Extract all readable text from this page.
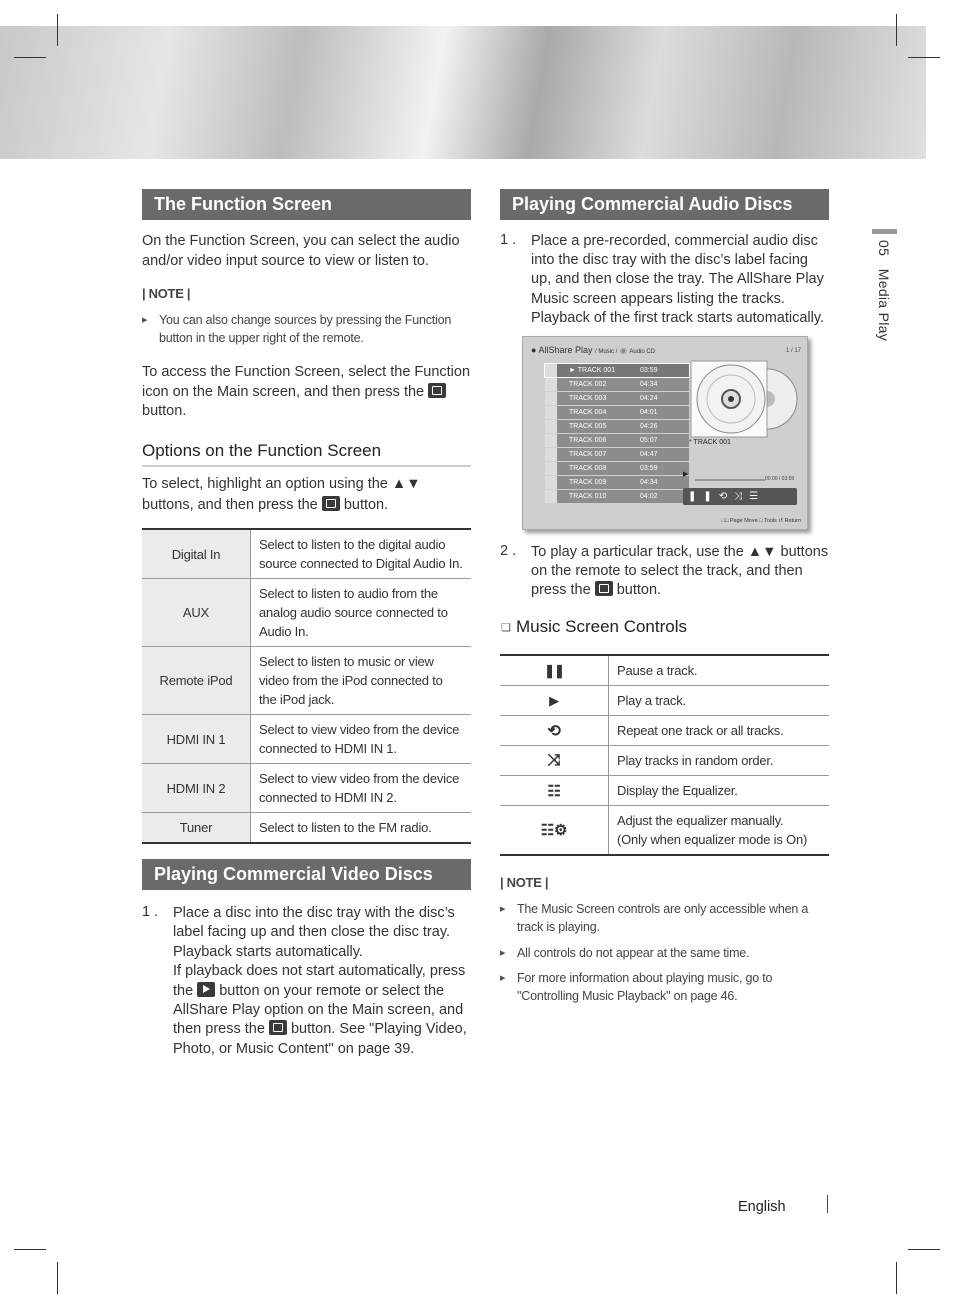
05   Media Play
The Function Screen
On the Function Screen, you can select the audio and/or video input source to view or listen to.
| NOTE |
▸ You can also change sources by pressing the Function button in the upper right of the remote.
To access the Function Screen, select the Function icon on the Main screen, and then press the  button.
Options on the Function Screen
To select, highlight an option using the ▲▼ buttons, and then press the button.
Digital In	Select to listen to the digital audio source connected to Digital Audio In.
AUX	Select to listen to audio from the analog audio source connected to Audio In.
Remote iPod	Select to listen to music or view video from the iPod connected to the iPod jack.
HDMI IN 1	Select to view video from the device connected to HDMI IN 1.
HDMI IN 2	Select to view video from the device connected to HDMI IN 2.
Tuner	Select to listen to the FM radio.
Playing Commercial Video Discs
1 . Place a disc into the disc tray with the disc’s label facing up and then close the disc tray. Playback starts automatically.
If playback does not start automatically, press the button on your remote or select the AllShare Play option on the Main screen, and then press the button. See "Playing Video, Photo, or Music Content" on page 39.
Playing Commercial Audio Discs
1 . Place a pre-recorded, commercial audio disc into the disc tray with the disc’s label facing up, and then close the tray. The AllShare Play Music screen appears listing the tracks. Playback of the first track starts automatically.
● AllShare Play / Music / ◉ Audio CD	1 / 17
► TRACK 001	03:59
TRACK 002	04:34
TRACK 003	04:24
TRACK 004	04:01
TRACK 005	04:26
TRACK 006	05:07
TRACK 007	04:47
TRACK 008	03:59
TRACK 009	04:34
TRACK 010	04:02
* TRACK 001
▶
00:00 / 03:59
❚❚⟲⤨☰
□□ Page Move □ Tools ↺ Return
2 . To play a particular track, use the ▲▼ buttons on the remote to select the track, and then press the button.
❏ Music Screen Controls
❚❚	Pause a track.
▶	Play a track.
⟲	Repeat one track or all tracks.
⤨	Play tracks in random order.
☷	Display the Equalizer.
☷⚙	Adjust the equalizer manually.
(Only when equalizer mode is On)
| NOTE |
▸ The Music Screen controls are only accessible when a track is playing.
▸ All controls do not appear at the same time.
▸ For more information about playing music, go to "Controlling Music Playback" on page 46.
English
